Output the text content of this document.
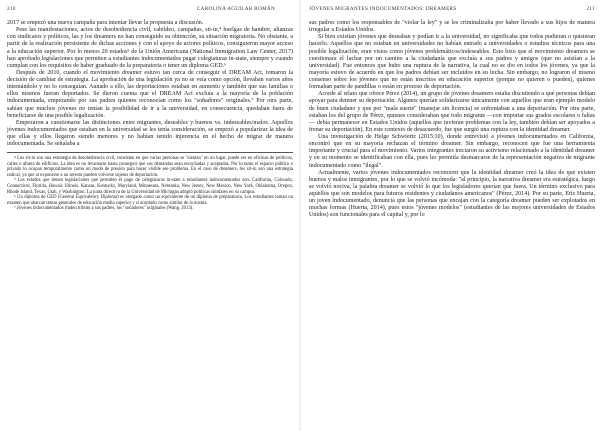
210	CAROLINA AGUILAR ROMÁN

2017 se empezó una nueva campaña para intentar llevar la propuesta a discusión.

Pese las manifestaciones, actos de desobediencia civil, cabildeo, campañas, sit-ín,⁴ huelgas de hambre, alianzas con sindicatos y políticos, las y los dreamers no han conseguido su obtención, su situación migratoria. No obstante, a partir de la realización persistente de dichas acciones y con el apoyo de actores políticos, consiguieron mayor acceso a la educación superior. Por lo menos 20 estados⁵ de la Unión Americana (National Immigration Law Center, 2017) han aprobado legislaciones que permiten a estudiantes indocumentados pagar colegiaturas in-state, siempre y cuando cumplan con los requisitos de haber graduado de la preparatoria o tener un diploma GED.⁶

Después de 2010, cuando el movimiento dreamer estuvo tan cerca de conseguir el DREAM Act, tomaron la decisión de cambiar de estrategia. La aprobación de una legislación ya no se veía como opción, llevaban varios años intentándolo y no lo conseguían. Aunado a ello, las deportaciones estaban en aumento y también que sus familias o ellos mismos fueran deportados. Se dieron cuenta que el DREAM Act excluía a la mayoría de la población indocumentada, empezando por sus padres quienes reconocían como los "soñadores" originales.⁷ Por otra parte, sabían que muchos jóvenes no tenían la posibilidad de ir a la universidad, en consecuencia, quedaban fuera de beneficiarse de una posible legalización.

Empezaron a cuestionarse las distinciones entre migrantes, deseables y buenos vs. indeseables/malos. Aquellos jóvenes indocumentados que estaban en la universidad se les tenía consideración, se empezó a popularizar la idea de que ellas y ellos llegaron siendo menores y no habían tenido injerencia en el hecho de migrar de manera indocumentada. Se señalaba a

⁴ Los sit-in son una estrategia de desobediencia civil, consisten en que varias personas se "sientan" en un lugar, puede ser en oficinas de políticos, calles o afuera de edificios. La idea es no levantarse hasta conseguir que sus demandas sean escuchadas y aceptadas. Por lo tanto el espacio público o privado lo ocupan temporalmente como un modo de presión para hacer visible ese problema. En el caso de dreamers, los sit-in son una estrategia radical, ya que al exponerse a un arresto pueden volverse sujetos de deportación.

⁵ Los estados que tienen legislaciones que permiten el pago de colegiaturas in-state a estudiantes indocumentados son: California, Colorado, Connecticut, Florida, Hawaii, Illinois, Kansas, Kentucky, Maryland, Minnesota, Nebraska, New Jersey, New Mexico, New York, Oklahoma, Oregon, Rhode Island, Texas, Utah, y Washington. La junta directiva de la Universidad de Michigan adoptó políticas similares en su campus.

⁶ Un diploma de GED (General Equivalency Diploma) es otorgado como un equivalente de un diploma de preparatoria. Los estudiantes toman un examen que abarcan temas generales de educación media superior y si aceptado como similar de la misma.

⁷ Jóvenes indocumentados rinden tributo a sus padres, los "soñadores" originales (Wang, 2013).

JÓVENES MIGRANTES INDOCUMENTADOS: DREAMERS	211

sus padres como los responsables de "violar la ley" y se les criminalizaba por haber llevado a sus hijos de manera irregular a Estados Unidos.

Si bien existían jóvenes que deseaban y podían ir a la universidad, no significaba que todos pudieran o quisieran hacerlo. Aquellos que no estaban en universidades no habían entrado a universidades o estudios técnicos para una posible legalización, eran vistos como jóvenes problemáticos/indeseables. Esto hizo que el movimiento dreamers se cuestionara el luchar por un camino a la ciudadanía que excluía a sus padres y amigos (que no asistían a la universidad). Fue entonces que hubo una ruptura de la narrativa, la cual no se dio en todos los jóvenes, ya que la mayoría estuvo de acuerdo en que los padres debían ser incluidos en su lucha. Sin embargo, no lograron el mismo consenso sobre los jóvenes que no están inscritos en educación superior (porque no quieren o pueden), quienes formaban parte de pandillas o están en proceso de deportación.

Acorde al relato que ofrece Pérez (2014), un grupo de jóvenes dreamers estaba discutiendo a qué personas debían apoyar para detener su deportación. Algunos querían solidarizarse únicamente con aquellos que eran ejemplo modelo de buen ciudadano y que por "mala suerte" (manejar sin licencia) se enfrentaban a una deportación. Por otra parte, estaban los del grupo de Pérez, quienes consideraban que todo migrante —con importar sus grados escolares o faltas— debía permanecer en Estados Unidos (aquellos que tuvieran problemas con la ley, también debían ser apoyados a frenar su deportación). En este contexto de desacuerdo, fue que surgió una ruptura con la identidad dreamer.

Una investigación de Helge Schwiertz (2015:10), donde entrevistó a jóvenes indocumentados en California, encontró que en su mayoría rechazan el término dreamer. Sin embargo, reconocen que fue una herramienta importante y crucial para el movimiento. Varios integrantes iniciaron su activismo relacionado a la identidad dreamer y en su momento se identificaban con ella, pues les permitía desmarcarse de la representación negativa de migrante indocumentado como "ilegal".

Actualmente, varios jóvenes indocumentados reconocen que la identidad dreamer creó la idea de que existen buenos y malos inmigrantes, por lo que se volvió incómoda: "al principio, la narrativa dreamer era estratégica, luego se volvió nociva, la palabra dreamer se volvió lo que los legisladores querían que fuera. Un término exclusivo para aquellos que son modelos para futuros residentes y ciudadanos americanos" (Pérez, 2014). Por su parte, Eric Huerta, un joven indocumentado, denuncia que las personas que encajan con la categoría dreamer pueden ser explotados en muchas formas (Huerta, 2014), pues estos "jóvenes modelos" (estudiantes de las mejores universidades de Estados Unidos) son funcionales para el capital y, por lo
